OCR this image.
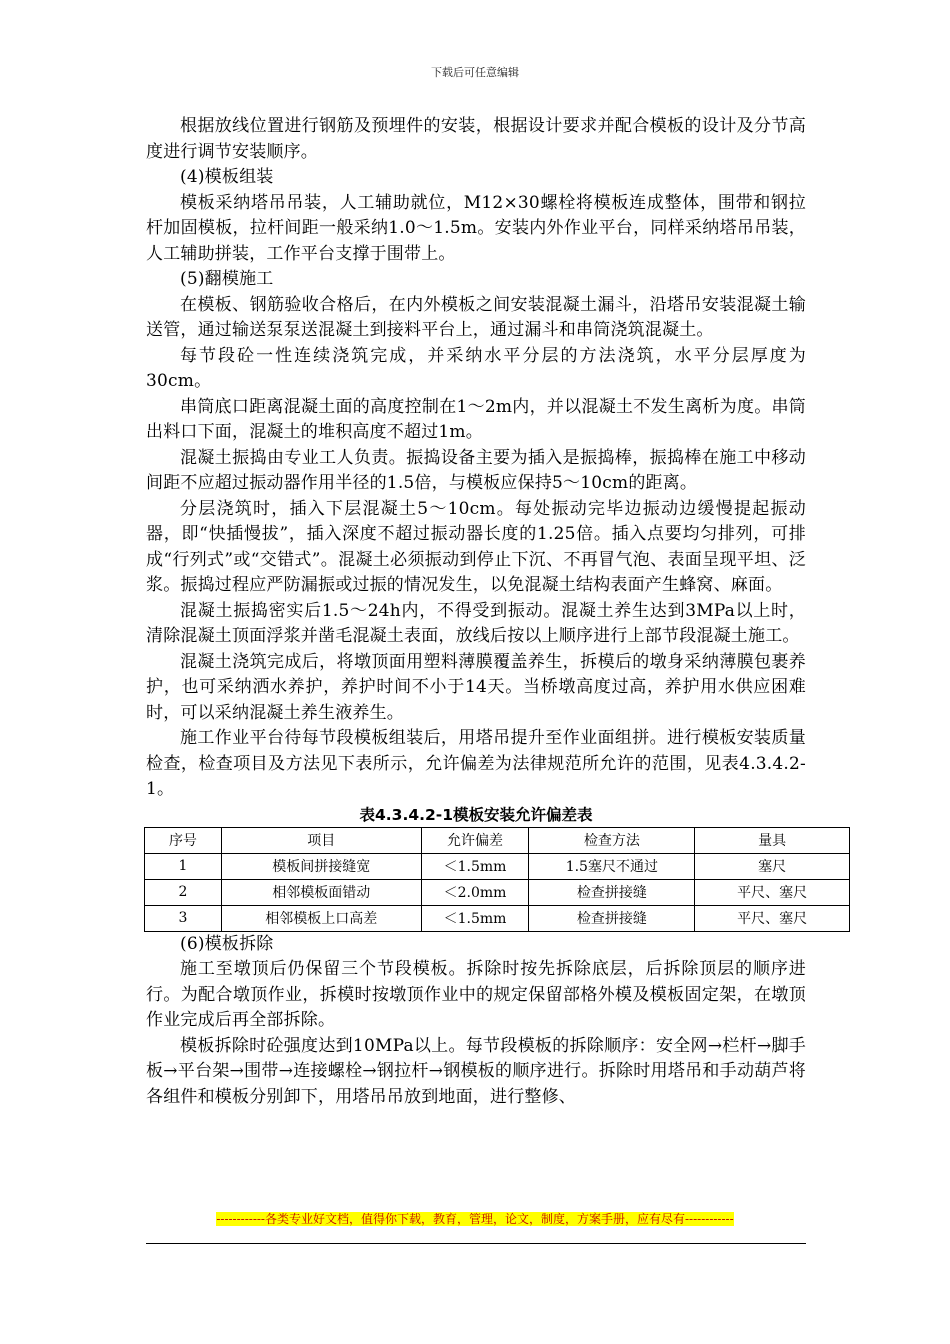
下载后可任意编辑

根据放线位置进行钢筋及预埋件的安装，根据设计要求并配合模板的设计及分节高度进行调节安装顺序。

(4)模板组装

模板采纳塔吊吊装，人工辅助就位，M12×30螺栓将模板连成整体，围带和钢拉杆加固模板，拉杆间距一般采纳1.0～1.5m。安装内外作业平台，同样采纳塔吊吊装，人工辅助拼装，工作平台支撑于围带上。

(5)翻模施工

在模板、钢筋验收合格后，在内外模板之间安装混凝土漏斗，沿塔吊安装混凝土输送管，通过输送泵泵送混凝土到接料平台上，通过漏斗和串筒浇筑混凝土。

每节段砼一性连续浇筑完成，并采纳水平分层的方法浇筑，水平分层厚度为30cm。

串筒底口距离混凝土面的高度控制在1～2m内，并以混凝土不发生离析为度。串筒出料口下面，混凝土的堆积高度不超过1m。

混凝土振捣由专业工人负责。振捣设备主要为插入是振捣棒，振捣棒在施工中移动间距不应超过振动器作用半径的1.5倍，与模板应保持5～10cm的距离。

分层浇筑时，插入下层混凝土5～10cm。每处振动完毕边振动边缓慢提起振动器，即“快插慢拔”，插入深度不超过振动器长度的1.25倍。插入点要均匀排列，可排成“行列式”或“交错式”。混凝土必须振动到停止下沉、不再冒气泡、表面呈现平坦、泛浆。振捣过程应严防漏振或过振的情况发生，以免混凝土结构表面产生蜂窝、麻面。

混凝土振捣密实后1.5～24h内，不得受到振动。混凝土养生达到3MPa以上时，清除混凝土顶面浮浆并凿毛混凝土表面，放线后按以上顺序进行上部节段混凝土施工。

混凝土浇筑完成后，将墩顶面用塑料薄膜覆盖养生，拆模后的墩身采纳薄膜包裹养护，也可采纳洒水养护，养护时间不小于14天。当桥墩高度过高，养护用水供应困难时，可以采纳混凝土养生液养生。

施工作业平台待每节段模板组装后，用塔吊提升至作业面组拼。进行模板安装质量检查，检查项目及方法见下表所示，允许偏差为法律规范所允许的范围，见表4.3.4.2-1。

表4.3.4.2-1模板安装允许偏差表
序号	项目	允许偏差	检查方法	量具
1	模板间拼接缝宽	＜1.5mm	1.5塞尺不通过	塞尺
2	相邻模板面错动	＜2.0mm	检查拼接缝	平尺、塞尺
3	相邻模板上口高差	＜1.5mm	检查拼接缝	平尺、塞尺

(6)模板拆除

施工至墩顶后仍保留三个节段模板。拆除时按先拆除底层，后拆除顶层的顺序进行。为配合墩顶作业，拆模时按墩顶作业中的规定保留部格外模及模板固定架，在墩顶作业完成后再全部拆除。

模板拆除时砼强度达到10MPa以上。每节段模板的拆除顺序：安全网→栏杆→脚手板→平台架→围带→连接螺栓→钢拉杆→钢模板的顺序进行。拆除时用塔吊和手动葫芦将各组件和模板分别卸下，用塔吊吊放到地面，进行整修、

------------各类专业好文档，值得你下载，教育，管理，论文，制度，方案手册，应有尽有------------
